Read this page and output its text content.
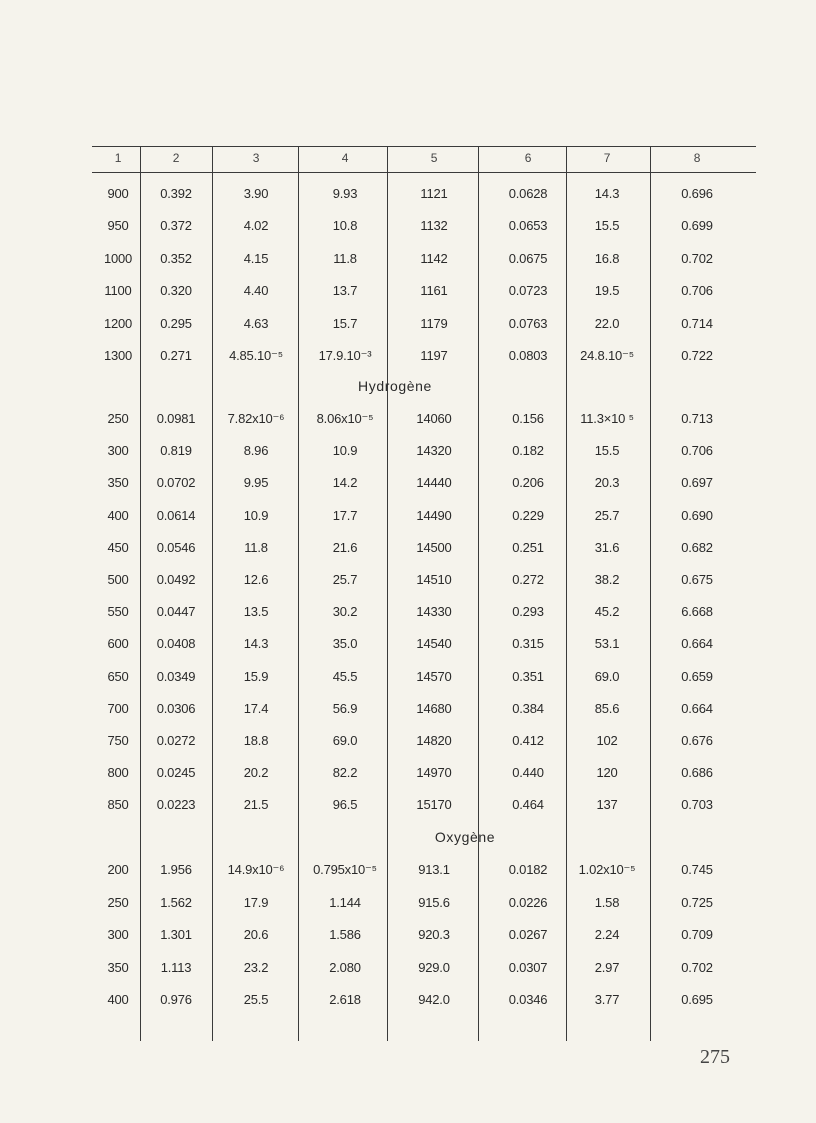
1	2	3	4	5	6	7	8
900	0.392	3.90	9.93	1121	0.0628	14.3	0.696
950	0.372	4.02	10.8	1132	0.0653	15.5	0.699
1000	0.352	4.15	11.8	1142	0.0675	16.8	0.702
1100	0.320	4.40	13.7	1161	0.0723	19.5	0.706
1200	0.295	4.63	15.7	1179	0.0763	22.0	0.714
1300	0.271	4.85.10⁻⁵	17.9.10⁻³	1197	0.0803	24.8.10⁻⁵	0.722
Hydrogène
250	0.0981	7.82x10⁻⁶	8.06x10⁻⁵	14060	0.156	11.3×10 ⁵	0.713
300	0.819	8.96	10.9	14320	0.182	15.5	0.706
350	0.0702	9.95	14.2	14440	0.206	20.3	0.697
400	0.0614	10.9	17.7	14490	0.229	25.7	0.690
450	0.0546	11.8	21.6	14500	0.251	31.6	0.682
500	0.0492	12.6	25.7	14510	0.272	38.2	0.675
550	0.0447	13.5	30.2	14330	0.293	45.2	6.668
600	0.0408	14.3	35.0	14540	0.315	53.1	0.664
650	0.0349	15.9	45.5	14570	0.351	69.0	0.659
700	0.0306	17.4	56.9	14680	0.384	85.6	0.664
750	0.0272	18.8	69.0	14820	0.412	102	0.676
800	0.0245	20.2	82.2	14970	0.440	120	0.686
850	0.0223	21.5	96.5	15170	0.464	137	0.703
Oxygène
200	1.956	14.9x10⁻⁶	0.795x10⁻⁵	913.1	0.0182	1.02x10⁻⁵	0.745
250	1.562	17.9	1.144	915.6	0.0226	1.58	0.725
300	1.301	20.6	1.586	920.3	0.0267	2.24	0.709
350	1.113	23.2	2.080	929.0	0.0307	2.97	0.702
400	0.976	25.5	2.618	942.0	0.0346	3.77	0.695
275
